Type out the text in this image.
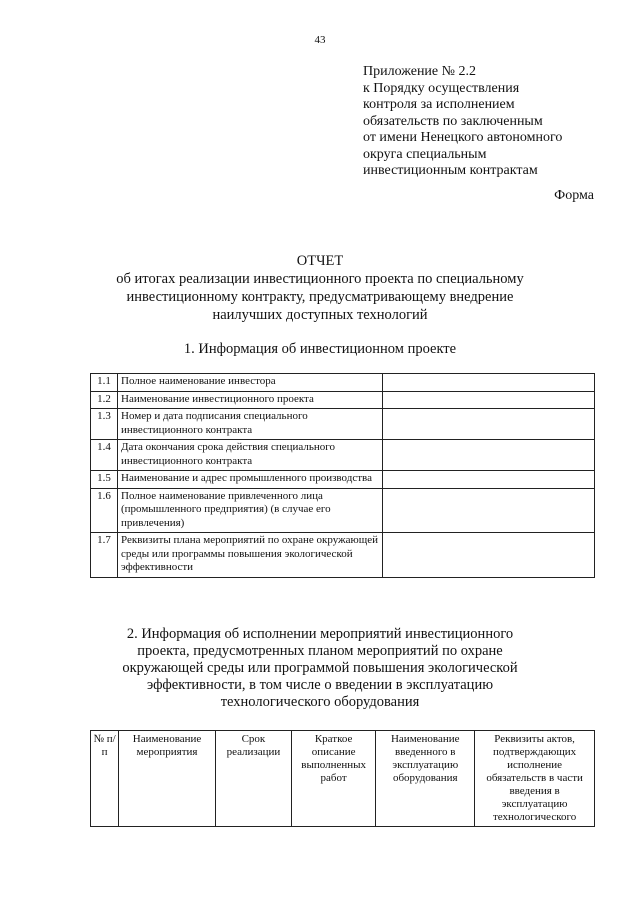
43
Приложение № 2.2
к Порядку осуществления
контроля за исполнением
обязательств по заключенным
от имени Ненецкого автономного
округа специальным
инвестиционным контрактам
Форма
ОТЧЕТ
об итогах реализации инвестиционного проекта по специальному
инвестиционному контракту, предусматривающему внедрение
наилучших доступных технологий
1. Информация об инвестиционном проекте
1.1	Полное наименование инвестора	
1.2	Наименование инвестиционного проекта	
1.3	Номер и дата подписания специального инвестиционного контракта	
1.4	Дата окончания срока действия специального инвестиционного контракта	
1.5	Наименование и адрес промышленного производства	
1.6	Полное наименование привлеченного лица (промышленного предприятия) (в случае его привлечения)	
1.7	Реквизиты плана мероприятий по охране окружающей среды или программы повышения экологической эффективности	
2. Информация об исполнении мероприятий инвестиционного
проекта, предусмотренных планом мероприятий по охране
окружающей среды или программой повышения экологической
эффективности, в том числе о введении в эксплуатацию
технологического оборудования
№ п/п	Наименование мероприятия	Срок реализации	Краткое описание выполненных работ	Наименование введенного в эксплуатацию оборудования	Реквизиты актов, подтверждающих исполнение обязательств в части введения в эксплуатацию технологического
